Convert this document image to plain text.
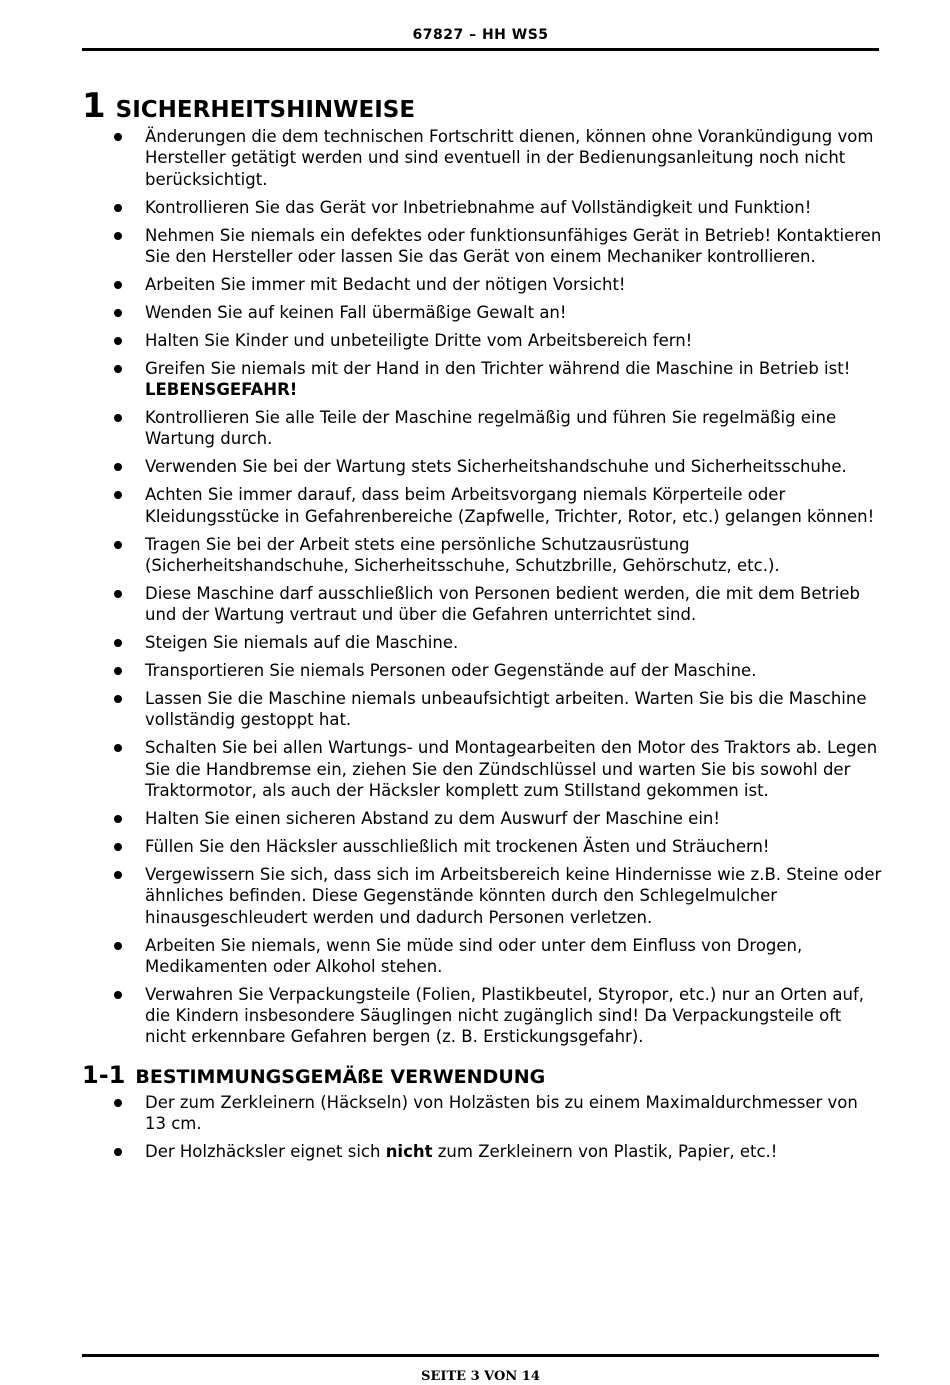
67827 – HH WS5
1 SICHERHEITSHINWEISE
Änderungen die dem technischen Fortschritt dienen, können ohne Vorankündigung vom Hersteller getätigt werden und sind eventuell in der Bedienungsanleitung noch nicht berücksichtigt.
Kontrollieren Sie das Gerät vor Inbetriebnahme auf Vollständigkeit und Funktion!
Nehmen Sie niemals ein defektes oder funktionsunfähiges Gerät in Betrieb! Kontaktieren Sie den Hersteller oder lassen Sie das Gerät von einem Mechaniker kontrollieren.
Arbeiten Sie immer mit Bedacht und der nötigen Vorsicht!
Wenden Sie auf keinen Fall übermäßige Gewalt an!
Halten Sie Kinder und unbeteiligte Dritte vom Arbeitsbereich fern!
Greifen Sie niemals mit der Hand in den Trichter während die Maschine in Betrieb ist! LEBENSGEFAHR!
Kontrollieren Sie alle Teile der Maschine regelmäßig und führen Sie regelmäßig eine Wartung durch.
Verwenden Sie bei der Wartung stets Sicherheitshandschuhe und Sicherheitsschuhe.
Achten Sie immer darauf, dass beim Arbeitsvorgang niemals Körperteile oder Kleidungsstücke in Gefahrenbereiche (Zapfwelle, Trichter, Rotor, etc.) gelangen können!
Tragen Sie bei der Arbeit stets eine persönliche Schutzausrüstung (Sicherheitshandschuhe, Sicherheitsschuhe, Schutzbrille, Gehörschutz, etc.).
Diese Maschine darf ausschließlich von Personen bedient werden, die mit dem Betrieb und der Wartung vertraut und über die Gefahren unterrichtet sind.
Steigen Sie niemals auf die Maschine.
Transportieren Sie niemals Personen oder Gegenstände auf der Maschine.
Lassen Sie die Maschine niemals unbeaufsichtigt arbeiten. Warten Sie bis die Maschine vollständig gestoppt hat.
Schalten Sie bei allen Wartungs- und Montagearbeiten den Motor des Traktors ab. Legen Sie die Handbremse ein, ziehen Sie den Zündschlüssel und warten Sie bis sowohl der Traktormotor, als auch der Häcksler komplett zum Stillstand gekommen ist.
Halten Sie einen sicheren Abstand zu dem Auswurf der Maschine ein!
Füllen Sie den Häcksler ausschließlich mit trockenen Ästen und Sträuchern!
Vergewissern Sie sich, dass sich im Arbeitsbereich keine Hindernisse wie z.B. Steine oder ähnliches befinden. Diese Gegenstände könnten durch den Schlegelmulcher hinausgeschleudert werden und dadurch Personen verletzen.
Arbeiten Sie niemals, wenn Sie müde sind oder unter dem Einfluss von Drogen, Medikamenten oder Alkohol stehen.
Verwahren Sie Verpackungsteile (Folien, Plastikbeutel, Styropor, etc.) nur an Orten auf, die Kindern insbesondere Säuglingen nicht zugänglich sind! Da Verpackungsteile oft nicht erkennbare Gefahren bergen (z. B. Erstickungsgefahr).
1-1 BESTIMMUNGSGEMÄßE VERWENDUNG
Der zum Zerkleinern (Häckseln) von Holzästen bis zu einem Maximaldurchmesser von 13 cm.
Der Holzhäcksler eignet sich nicht zum Zerkleinern von Plastik, Papier, etc.!
SEITE 3 VON 14
